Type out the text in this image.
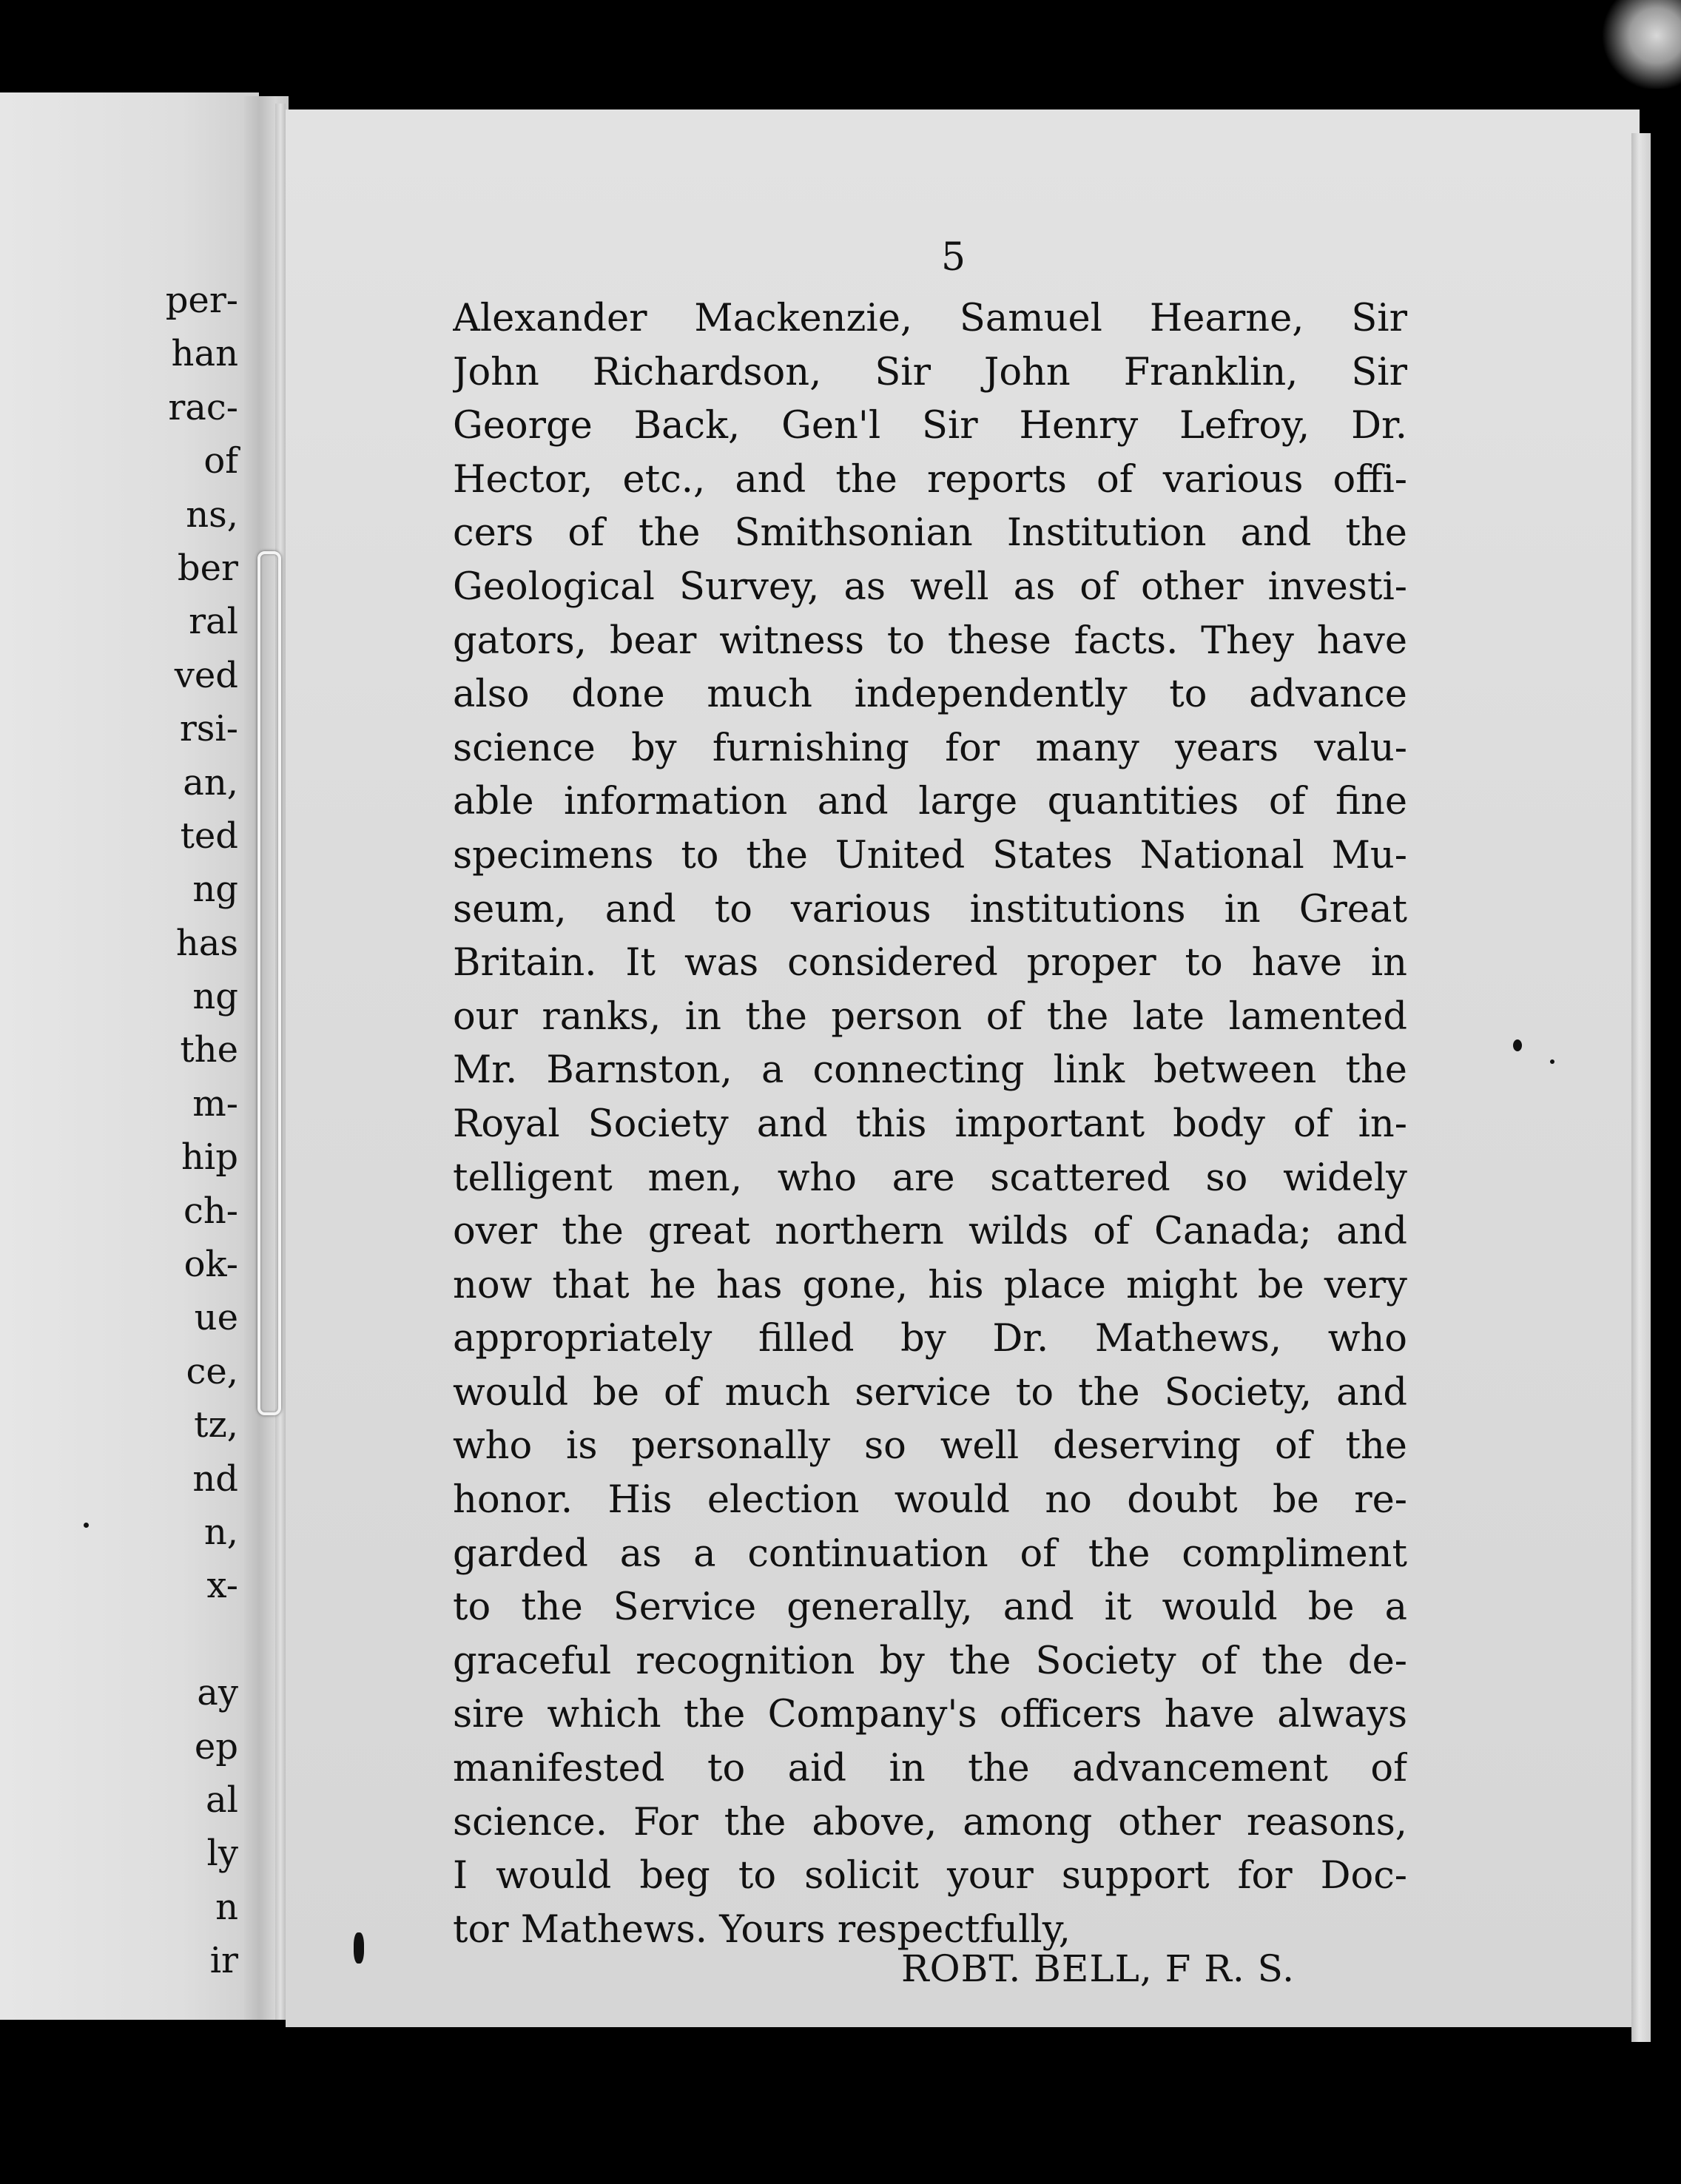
per-
han
rac-
of
ns,
ber
ral
ved
rsi-
an,
ted
ng
has
ng
the
m-
hip
ch-
ok-
ue
ce,
tz,
nd
n,
x-
ay
ep
al
ly
n
ir
5
Alexander Mackenzie, Samuel Hearne, Sir
John Richardson, Sir John Franklin, Sir
George Back, Gen'l Sir Henry Lefroy, Dr.
Hector, etc., and the reports of various offi-
cers of the Smithsonian Institution and the
Geological Survey, as well as of other investi-
gators, bear witness to these facts. They have
also done much independently to advance
science by furnishing for many years valu-
able information and large quantities of fine
specimens to the United States National Mu-
seum, and to various institutions in Great
Britain. It was considered proper to have in
our ranks, in the person of the late lamented
Mr. Barnston, a connecting link between the
Royal Society and this important body of in-
telligent men, who are scattered so widely
over the great northern wilds of Canada; and
now that he has gone, his place might be very
appropriately filled by Dr. Mathews, who
would be of much service to the Society, and
who is personally so well deserving of the
honor. His election would no doubt be re-
garded as a continuation of the compliment
to the Service generally, and it would be a
graceful recognition by the Society of the de-
sire which the Company's officers have always
manifested to aid in the advancement of
science. For the above, among other reasons,
I would beg to solicit your support for Doc-
tor Mathews. Yours respectfully,
ROBT. BELL, F R. S.
